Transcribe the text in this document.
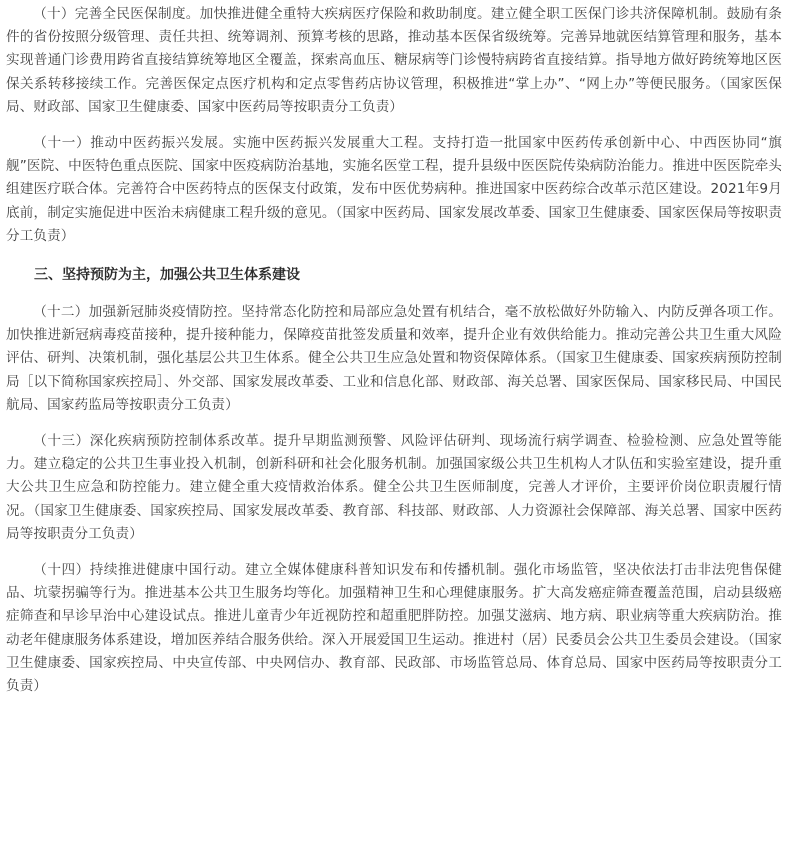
（十）完善全民医保制度。加快推进健全重特大疾病医疗保险和救助制度。建立健全职工医保门诊共济保障机制。鼓励有条件的省份按照分级管理、责任共担、统筹调剂、预算考核的思路，推动基本医保省级统筹。完善异地就医结算管理和服务，基本实现普通门诊费用跨省直接结算统筹地区全覆盖，探索高血压、糖尿病等门诊慢特病跨省直接结算。指导地方做好跨统筹地区医保关系转移接续工作。完善医保定点医疗机构和定点零售药店协议管理，积极推进“掌上办”、“网上办”等便民服务。（国家医保局、财政部、国家卫生健康委、国家中医药局等按职责分工负责）

（十一）推动中医药振兴发展。实施中医药振兴发展重大工程。支持打造一批国家中医药传承创新中心、中西医协同“旗舰”医院、中医特色重点医院、国家中医疫病防治基地，实施名医堂工程，提升县级中医医院传染病防治能力。推进中医医院牵头组建医疗联合体。完善符合中医药特点的医保支付政策，发布中医优势病种。推进国家中医药综合改革示范区建设。2021年9月底前，制定实施促进中医治未病健康工程升级的意见。（国家中医药局、国家发展改革委、国家卫生健康委、国家医保局等按职责分工负责）

三、坚持预防为主，加强公共卫生体系建设

（十二）加强新冠肺炎疫情防控。坚持常态化防控和局部应急处置有机结合，毫不放松做好外防输入、内防反弹各项工作。加快推进新冠病毒疫苗接种，提升接种能力，保障疫苗批签发质量和效率，提升企业有效供给能力。推动完善公共卫生重大风险评估、研判、决策机制，强化基层公共卫生体系。健全公共卫生应急处置和物资保障体系。（国家卫生健康委、国家疾病预防控制局［以下简称国家疾控局］、外交部、国家发展改革委、工业和信息化部、财政部、海关总署、国家医保局、国家移民局、中国民航局、国家药监局等按职责分工负责）

（十三）深化疾病预防控制体系改革。提升早期监测预警、风险评估研判、现场流行病学调查、检验检测、应急处置等能力。建立稳定的公共卫生事业投入机制，创新科研和社会化服务机制。加强国家级公共卫生机构人才队伍和实验室建设，提升重大公共卫生应急和防控能力。建立健全重大疫情救治体系。健全公共卫生医师制度，完善人才评价，主要评价岗位职责履行情况。（国家卫生健康委、国家疾控局、国家发展改革委、教育部、科技部、财政部、人力资源社会保障部、海关总署、国家中医药局等按职责分工负责）

（十四）持续推进健康中国行动。建立全媒体健康科普知识发布和传播机制。强化市场监管，坚决依法打击非法兜售保健品、坑蒙拐骗等行为。推进基本公共卫生服务均等化。加强精神卫生和心理健康服务。扩大高发癌症筛查覆盖范围，启动县级癌症筛查和早诊早治中心建设试点。推进儿童青少年近视防控和超重肥胖防控。加强艾滋病、地方病、职业病等重大疾病防治。推动老年健康服务体系建设，增加医养结合服务供给。深入开展爱国卫生运动。推进村（居）民委员会公共卫生委员会建设。（国家卫生健康委、国家疾控局、中央宣传部、中央网信办、教育部、民政部、市场监管总局、体育总局、国家中医药局等按职责分工负责）
